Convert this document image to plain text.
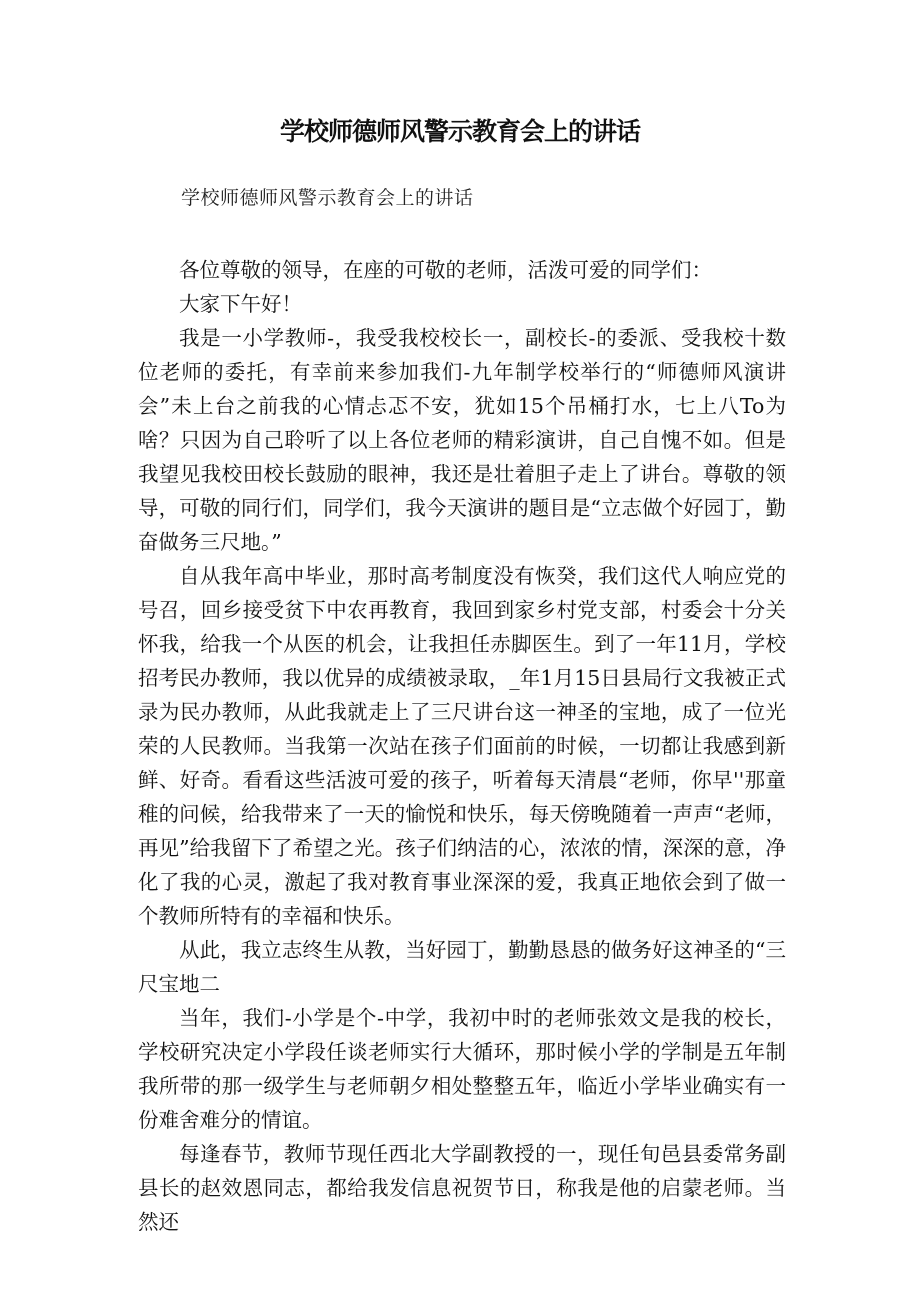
学校师德师风警示教育会上的讲话
学校师德师风警示教育会上的讲话

各位尊敬的领导，在座的可敬的老师，活泼可爱的同学们：

大家下午好！

我是一小学教师-，我受我校校长一，副校长-的委派、受我校十数位老师的委托，有幸前来参加我们-九年制学校举行的“师德师风演讲会”未上台之前我的心情忐忑不安，犹如15个吊桶打水，七上八To为啥？只因为自己聆听了以上各位老师的精彩演讲，自己自愧不如。但是我望见我校田校长鼓励的眼神，我还是壮着胆子走上了讲台。尊敬的领导，可敬的同行们，同学们，我今天演讲的题目是“立志做个好园丁，勤奋做务三尺地。”

自从我年高中毕业，那时高考制度没有恢癸，我们这代人响应党的号召，回乡接受贫下中农再教育，我回到家乡村党支部，村委会十分关怀我，给我一个从医的机会，让我担任赤脚医生。到了一年11月，学校招考民办教师，我以优异的成绩被录取，_年1月15日县局行文我被正式录为民办教师，从此我就走上了三尺讲台这一神圣的宝地，成了一位光荣的人民教师。当我第一次站在孩子们面前的时候，一切都让我感到新鲜、好奇。看看这些活波可爱的孩子，听着每天清晨“老师，你早''那童稚的问候，给我带来了一天的愉悦和快乐，每天傍晚随着一声声“老师，再见”给我留下了希望之光。孩子们纳洁的心，浓浓的情，深深的意，净化了我的心灵，激起了我对教育事业深深的爱，我真正地依会到了做一个教师所特有的幸福和快乐。

从此，我立志终生从教，当好园丁，勤勤恳恳的做务好这神圣的“三尺宝地二

当年，我们-小学是个-中学，我初中时的老师张效文是我的校长，学校研究决定小学段任谈老师实行大循环，那时候小学的学制是五年制我所带的那一级学生与老师朝夕相处整整五年，临近小学毕业确实有一份难舍难分的情谊。

每逢春节，教师节现任西北大学副教授的一，现任旬邑县委常务副县长的赵效恩同志，都给我发信息祝贺节日，称我是他的启蒙老师。当然还
